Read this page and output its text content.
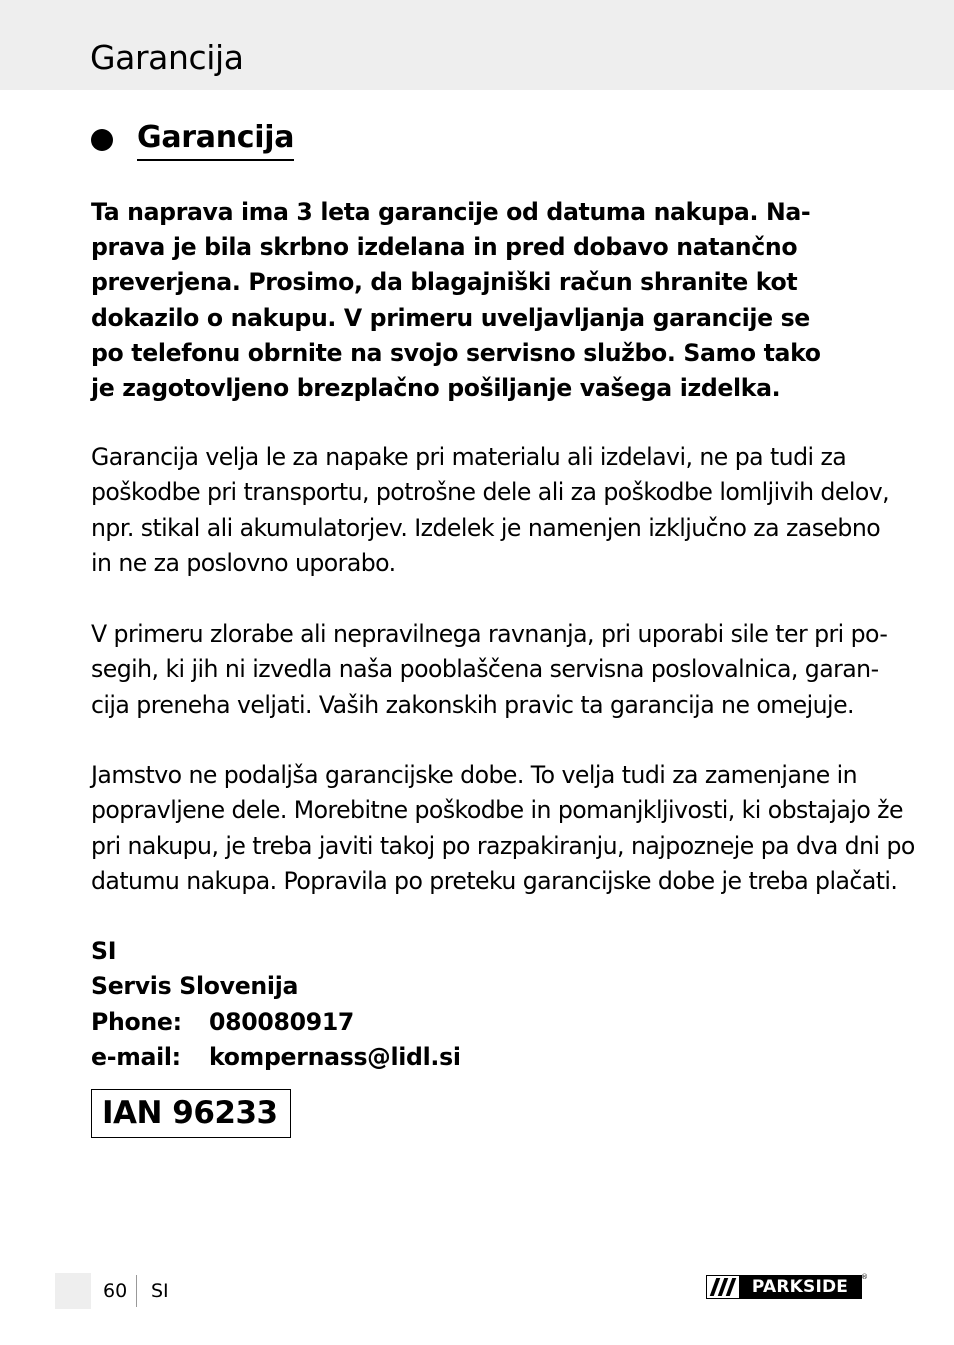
Garancija
Garancija
Ta naprava ima 3 leta garancije od datuma nakupa. Na-
prava je bila skrbno izdelana in pred dobavo natančno
preverjena. Prosimo, da blagajniški račun shranite kot
dokazilo o nakupu. V primeru uveljavljanja garancije se
po telefonu obrnite na svojo servisno službo. Samo tako
je zagotovljeno brezplačno pošiljanje vašega izdelka.
Garancija velja le za napake pri materialu ali izdelavi, ne pa tudi za
poškodbe pri transportu, potrošne dele ali za poškodbe lomljivih delov,
npr. stikal ali akumulatorjev. Izdelek je namenjen izključno za zasebno
in ne za poslovno uporabo.
V primeru zlorabe ali nepravilnega ravnanja, pri uporabi sile ter pri po-
segih, ki jih ni izvedla naša pooblaščena servisna poslovalnica, garan-
cija preneha veljati. Vaših zakonskih pravic ta garancija ne omejuje.
Jamstvo ne podaljša garancijske dobe. To velja tudi za zamenjane in
popravljene dele. Morebitne poškodbe in pomanjkljivosti, ki obstajajo že
pri nakupu, je treba javiti takoj po razpakiranju, najpozneje pa dva dni po
datumu nakupa. Popravila po preteku garancijske dobe je treba plačati.
SI
Servis Slovenija
Phone:	080080917
e-mail:	kompernass@lidl.si
IAN 96233
60 SI	PARKSIDE	®
